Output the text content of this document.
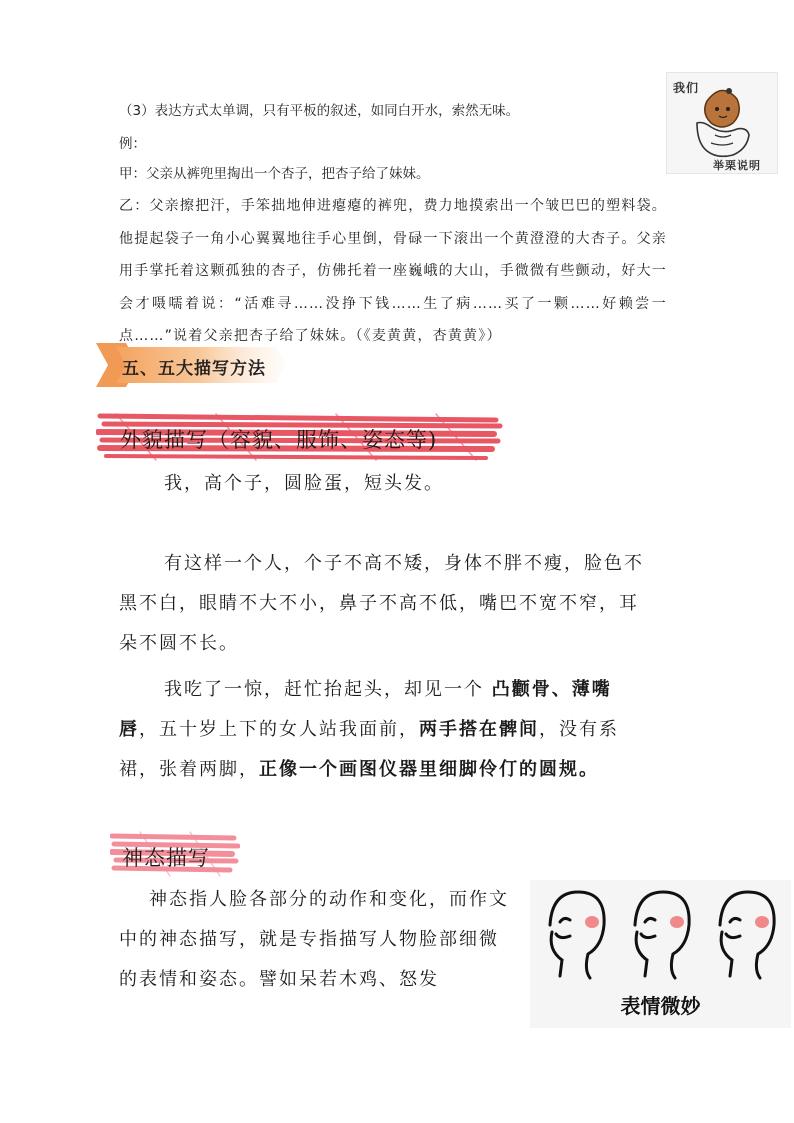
我们
举栗说明
（3）表达方式太单调，只有平板的叙述，如同白开水，索然无味。
例：
甲：父亲从裤兜里掏出一个杏子，把杏子给了妹妹。
乙：父亲擦把汗，手笨拙地伸进瘪瘪的裤兜，费力地摸索出一个皱巴巴的塑料袋。他提起袋子一角小心翼翼地往手心里倒，骨碌一下滚出一个黄澄澄的大杏子。父亲用手掌托着这颗孤独的杏子，仿佛托着一座巍峨的大山，手微微有些颤动，好大一会才嗫嚅着说：“活难寻……没挣下钱……生了病……买了一颗……好赖尝一点……”说着父亲把杏子给了妹妹。（《麦黄黄，杏黄黄》）
五、五大描写方法
外貌描写（容貌、服饰、姿态等)
我，高个子，圆脸蛋，短头发。
有这样一个人，个子不高不矮，身体不胖不瘦，脸色不黑不白，眼睛不大不小，鼻子不高不低，嘴巴不宽不窄，耳朵不圆不长。
我吃了一惊，赶忙抬起头，却见一个 凸颧骨、薄嘴唇，五十岁上下的女人站我面前，两手搭在髀间，没有系裙，张着两脚，正像一个画图仪器里细脚伶仃的圆规。
神态描写
神态指人脸各部分的动作和变化，而作文中的神态描写，就是专指描写人物脸部细微的表情和姿态。譬如呆若木鸡、怒发
表情微妙
